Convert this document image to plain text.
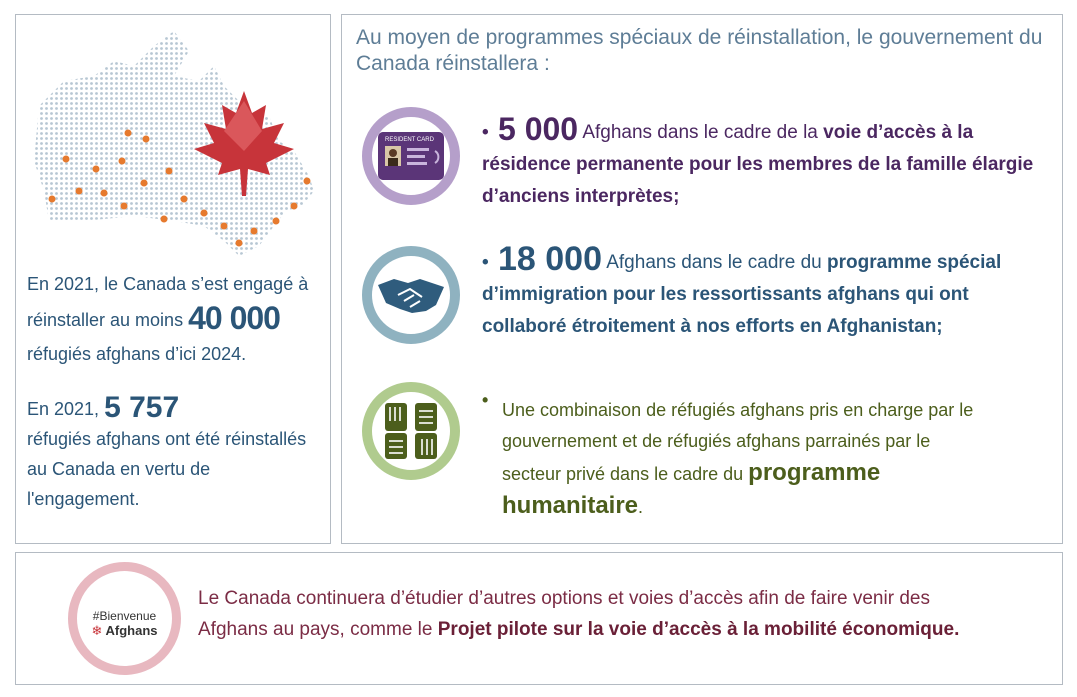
En 2021, le Canada s’est engagé à réinstaller au moins 40 000
réfugiés afghans d’ici 2024.
En 2021, 5 757
réfugiés afghans ont été réinstallés au Canada en vertu de l'engagement.
Au moyen de programmes spéciaux de réinstallation, le gouvernement du Canada réinstallera :
RESIDENT CARD	• 5 000 Afghans dans le cadre de la voie d’accès à la résidence permanente pour les membres de la famille élargie d’anciens interprètes;
• 18 000 Afghans dans le cadre du programme spécial d’immigration pour les ressortissants afghans qui ont collaboré étroitement à nos efforts en Afghanistan;
• Une combinaison de réfugiés afghans pris en charge par le gouvernement et de réfugiés afghans parrainés par le secteur privé dans le cadre du programme humanitaire.
#Bienvenue
❄ Afghans
Le Canada continuera d’étudier d’autres options et voies d’accès afin de faire venir des Afghans au pays, comme le Projet pilote sur la voie d’accès à la mobilité économique.
